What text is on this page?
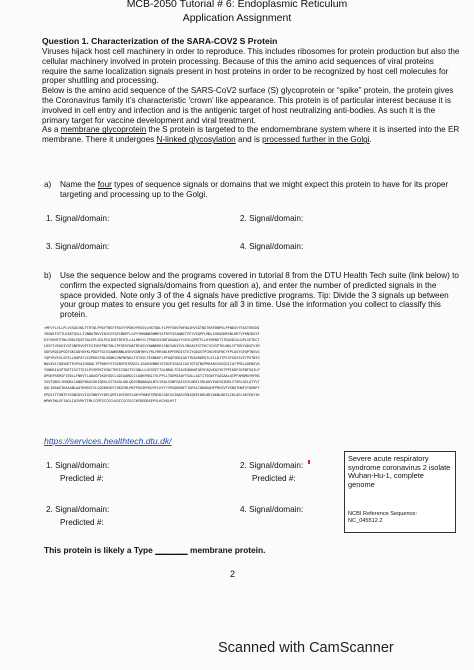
MCB-2050 Tutorial # 6: Endoplasmic Reticulum
Application Assignment
Question 1. Characterization of the SARA-COV2 S Protein
Viruses hijack host cell machinery in order to reproduce. This includes ribosomes for protein production but also the cellular machinery involved in protein processing. Because of this the amino acid sequences of viral proteins require the same localization signals present in host proteins in order to be recognized by host cell molecules for proper shuttling and processing.
Below is the amino acid sequence of the SARS-CoV2 surface (S) glycoprotein or “spike” protein, the protein gives the Coronavirus family it’s characteristic ‘crown’ like appearance. This protein is of particular interest because it is involved in cell entry and infection and is the antigenic target of host neutralizing anti-bodies. As such it is the primary target for vaccine development and viral treatment.
As a membrane glycoprotein the S protein is targeted to the endomembrane system where it is inserted into the ER membrane. There it undergoes N-linked glycosylation and is processed further in the Golgi.
a) Name the four types of sequence signals or domains that we might expect this protein to have for its proper targeting and processing up to the Golgi.
1. Signal/domain:	2. Signal/domain:
3. Signal/domain:	4. Signal/domain:
b) Use the sequence below and the programs covered in tutorial 8 from the DTU Health Tech suite (link below) to confirm the expected signals/domains from question a), and enter the number of predicted signals in the space provided. Note only 3 of the 4 signals have predictive programs. Tip: Divide the 3 signals up between your group mates to ensure you get results for all 3 in time. Use the information you collect to classify this protein.
>MFVFLVLLPLVSSQCVNLTTRTQLPPAYTNSFTRGVYYPDKVFRSSVLHSTQDLFLPFFSNVTWFHAIHVSGTNGTKRFDNPVLPFNDGVYFASTEKSNI
IRGWIFGTTLDSKTQSLLIVNNATNVVIKVCEFQFCNDPFLGVYYHKNNKSWMESEFRVYSSANNCTFEYVSQPFLMDLEGKQGNFKNLREFVFKNIDGYF
KIYSKHTPINLVRDLPQGFSALEPLVDLPIGINITRFQTLLALHRSYLTPGDSSSGWTAGAAAYYVGYLQPRTFLLKYNENGTITDAVDCALDPLSETKCT
LKSFTVEKGIYQTSNFRVQPTESIVRFPNITNLCPFGEVFNATRFASVYAWNRKRISNCVADYSVLYNSASFSTFKCYGVSPTKLNDLCFTNVYADSFVIR
GDEVRQIAPGQTGKIADYNYKLPDDFTGCVIAWNSNNLDSKVGGNYNYLYRLFRKSNLKPFERDISTEIYQAGSTPCNGVEGFNCYFPLQSYGFQPTNGVG
YQPYRVVVLSFELLHAPATVCGPKKSTNLVKNKCVNFNFNGLTGTGVLTESNKKFLPFQQFGRDIADTTDAVRDPQTLEILDITPCSFGGVSVITPGTNTS
NQVAVLYQDVNCTEVPVAIHADQLTPTWRVYSTGSNVFQTRAGCLIGAEHVNNSYECDIPIGAGICASYQTQTNSPRRARSVASQSIIAYTMSLGAENSVA
YSNNSIAIPTNFTISVTTEILPVSMTKTSVDCTMYICGDSTECSNLLLQYGSFCTQLNRALTGIAVEQDKNTQEVFAQVKQIYKTPPIKDFGGFNFSQILP
DPSKPSKRSFIEDLLFNKVTLADAGFIKQYGDCLGDIAARDLICAQKFNGLTVLPPLLTDEMIAQYTSALLAGTITSGWTFGAGAALQIPFAMQMAYRFNG
IGVTQNVLYENQKLIANQFNSAIGKIQDSLSSTASALGKLQDVVNQNAQALNTLVKQLSSNFGAISSVLNDILSRLDKVEAEVQIDRLITGRLQSLQTYVT
QQLIRAAEIRASANLAATKMSECVLGQSKRVDFCGKGYHLMSFPQSAPHGVVFLHVTYVPAQEKNFTTAPAICHDGKAHFPREGVFVSNGTHWFVTQRNFY
EPQIITTDNTFVSGNCDVVIGIVNNTVYDPLQPELDSFKEELDKYFKNHTSPDVDLGDISGINASVVNIQKEIDRLNEVAKNLNESLIDLQELGKYEQYIK
WPWYIWLGFIAGLIAIVMVTIMLCCMTSCCSCLKGCCSCGSCCKFDEDDSEPVLKGVKLHYT
https://services.healthtech.dtu.dk/
1. Signal/domain:
Predicted #:
2. Signal/domain:
Predicted #:
2. Signal/domain:
Predicted #:
4. Signal/domain:
Severe acute respiratory syndrome coronavirus 2 isolate Wuhan-Hu-1, complete genome
NCBI Reference Sequence: NC_045512.2
This protein is likely a Type _______ membrane protein.
2
Scanned with CamScanner
